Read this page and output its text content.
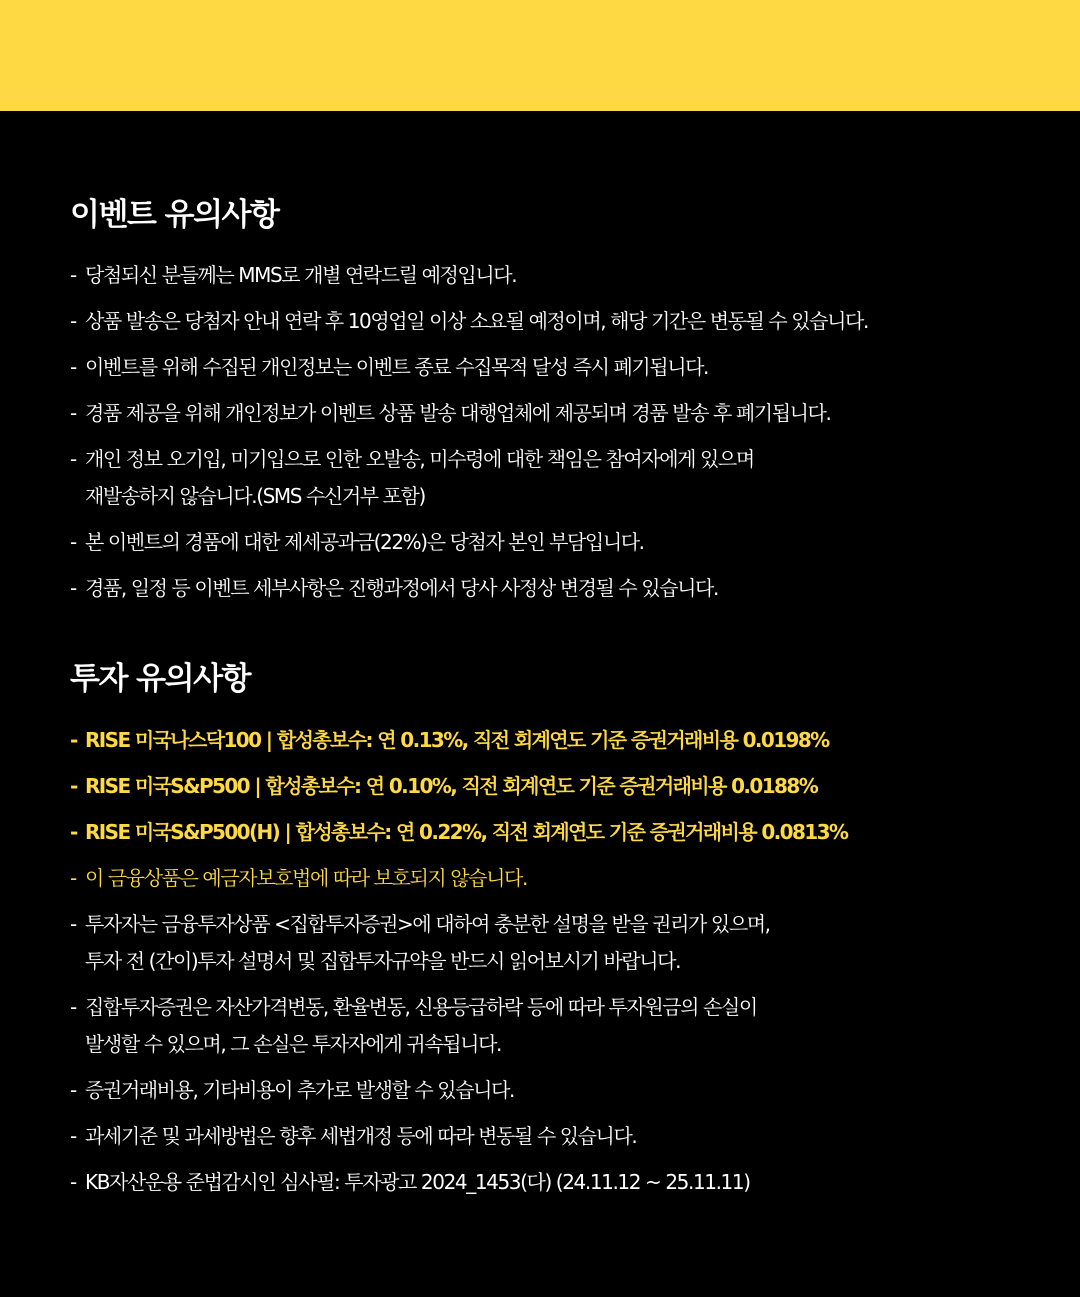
이벤트 유의사항
- 당첨되신 분들께는 MMS로 개별 연락드릴 예정입니다.
- 상품 발송은 당첨자 안내 연락 후 10영업일 이상 소요될 예정이며, 해당 기간은 변동될 수 있습니다.
- 이벤트를 위해 수집된 개인정보는 이벤트 종료 수집목적 달성 즉시 폐기됩니다.
- 경품 제공을 위해 개인정보가 이벤트 상품 발송 대행업체에 제공되며 경품 발송 후 폐기됩니다.
- 개인 정보 오기입, 미기입으로 인한 오발송, 미수령에 대한 책임은 참여자에게 있으며
재발송하지 않습니다.(SMS 수신거부 포함)
- 본 이벤트의 경품에 대한 제세공과금(22%)은 당첨자 본인 부담입니다.
- 경품, 일정 등 이벤트 세부사항은 진행과정에서 당사 사정상 변경될 수 있습니다.
투자 유의사항
- RISE 미국나스닥100 | 합성총보수: 연 0.13%, 직전 회계연도 기준 증권거래비용 0.0198%
- RISE 미국S&P500 | 합성총보수: 연 0.10%, 직전 회계연도 기준 증권거래비용 0.0188%
- RISE 미국S&P500(H) | 합성총보수: 연 0.22%, 직전 회계연도 기준 증권거래비용 0.0813%
- 이 금융상품은 예금자보호법에 따라 보호되지 않습니다.
- 투자자는 금융투자상품 <집합투자증권>에 대하여 충분한 설명을 받을 권리가 있으며,
투자 전 (간이)투자 설명서 및 집합투자규약을 반드시 읽어보시기 바랍니다.
- 집합투자증권은 자산가격변동, 환율변동, 신용등급하락 등에 따라 투자원금의 손실이
발생할 수 있으며, 그 손실은 투자자에게 귀속됩니다.
- 증권거래비용, 기타비용이 추가로 발생할 수 있습니다.
- 과세기준 및 과세방법은 향후 세법개정 등에 따라 변동될 수 있습니다.
- KB자산운용 준법감시인 심사필: 투자광고 2024_1453(다) (24.11.12 ~ 25.11.11)
